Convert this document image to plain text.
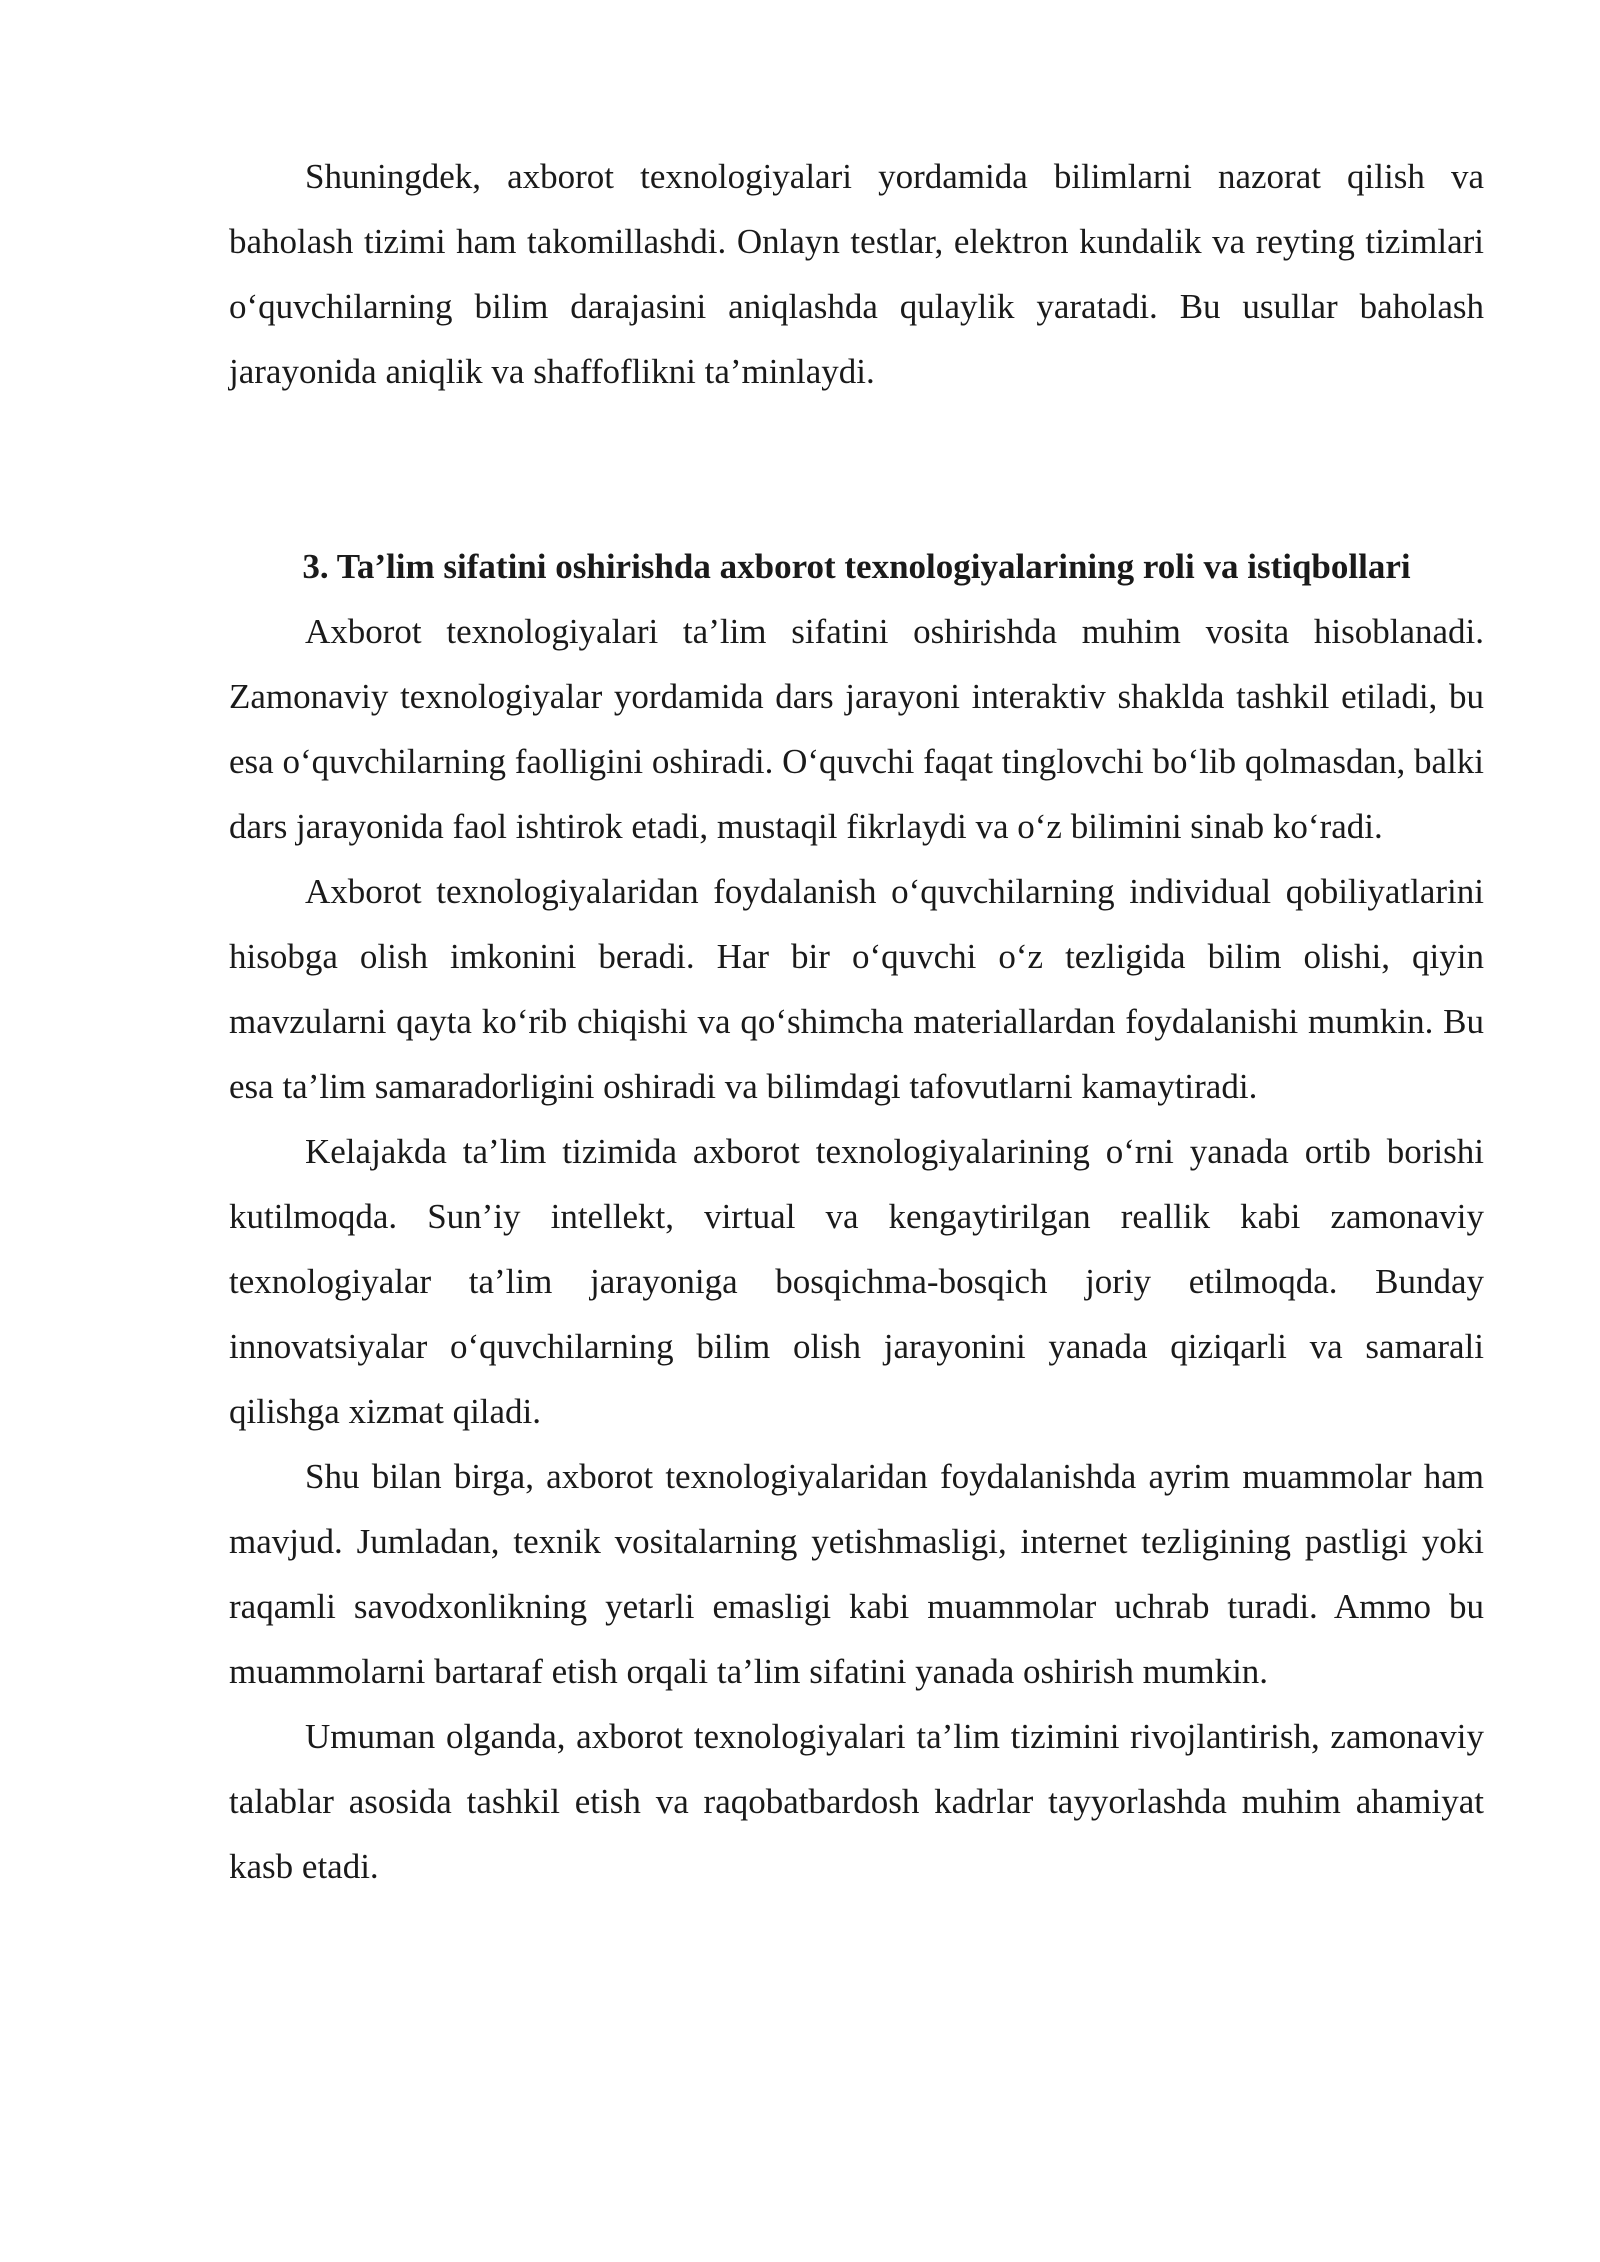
Shuningdek, axborot texnologiyalari yordamida bilimlarni nazorat qilish va baholash tizimi ham takomillashdi. Onlayn testlar, elektron kundalik va reyting tizimlari o‘quvchilarning bilim darajasini aniqlashda qulaylik yaratadi. Bu usullar baholash jarayonida aniqlik va shaffoflikni ta’minlaydi.

3. Ta’lim sifatini oshirishda axborot texnologiyalarining roli va istiqbollari

Axborot texnologiyalari ta’lim sifatini oshirishda muhim vosita hisoblanadi. Zamonaviy texnologiyalar yordamida dars jarayoni interaktiv shaklda tashkil etiladi, bu esa o‘quvchilarning faolligini oshiradi. O‘quvchi faqat tinglovchi bo‘lib qolmasdan, balki dars jarayonida faol ishtirok etadi, mustaqil fikrlaydi va o‘z bilimini sinab ko‘radi.

Axborot texnologiyalaridan foydalanish o‘quvchilarning individual qobiliyatlarini hisobga olish imkonini beradi. Har bir o‘quvchi o‘z tezligida bilim olishi, qiyin mavzularni qayta ko‘rib chiqishi va qo‘shimcha materiallardan foydalanishi mumkin. Bu esa ta’lim samaradorligini oshiradi va bilimdagi tafovutlarni kamaytiradi.

Kelajakda ta’lim tizimida axborot texnologiyalarining o‘rni yanada ortib borishi kutilmoqda. Sun’iy intellekt, virtual va kengaytirilgan reallik kabi zamonaviy texnologiyalar ta’lim jarayoniga bosqichma-bosqich joriy etilmoqda. Bunday innovatsiyalar o‘quvchilarning bilim olish jarayonini yanada qiziqarli va samarali qilishga xizmat qiladi.

Shu bilan birga, axborot texnologiyalaridan foydalanishda ayrim muammolar ham mavjud. Jumladan, texnik vositalarning yetishmasligi, internet tezligining pastligi yoki raqamli savodxonlikning yetarli emasligi kabi muammolar uchrab turadi. Ammo bu muammolarni bartaraf etish orqali ta’lim sifatini yanada oshirish mumkin.

Umuman olganda, axborot texnologiyalari ta’lim tizimini rivojlantirish, zamonaviy talablar asosida tashkil etish va raqobatbardosh kadrlar tayyorlashda muhim ahamiyat kasb etadi.
